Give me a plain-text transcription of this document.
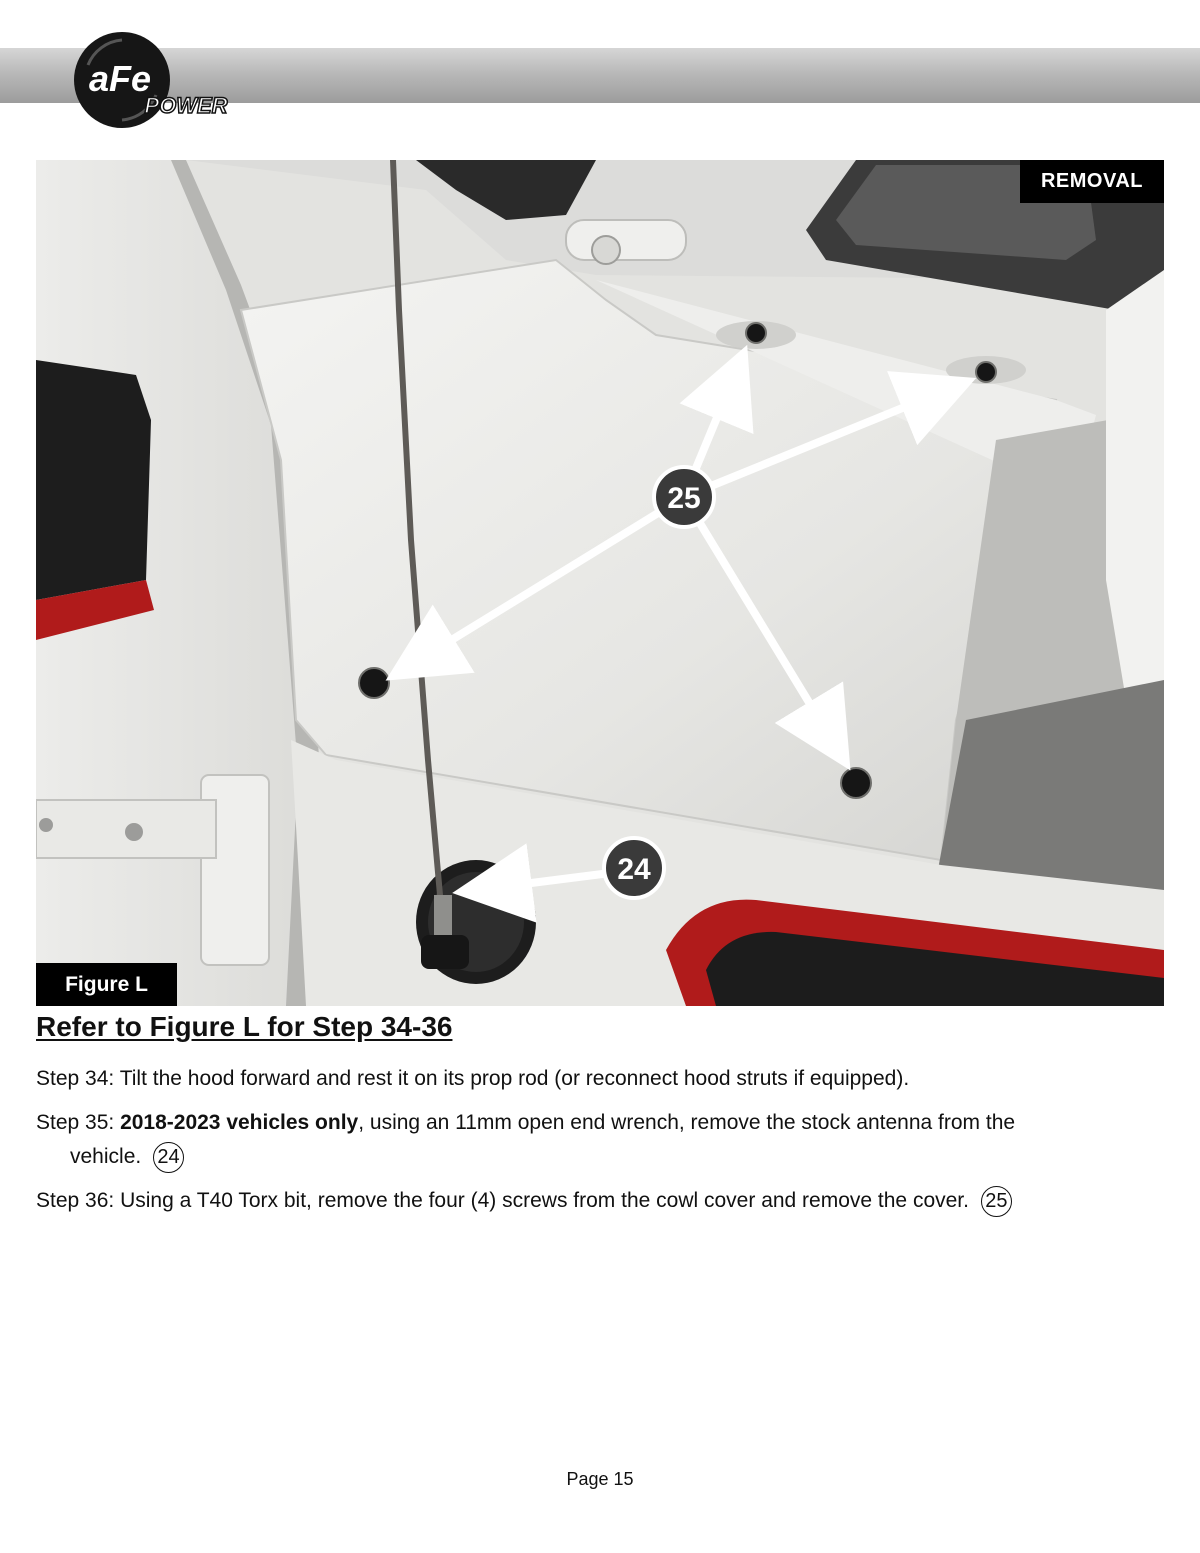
aFe
POWER
25
24
REMOVAL
Figure L
Refer to Figure L for Step 34-36

Step 34: Tilt the hood forward and rest it on its prop rod (or reconnect hood struts if equipped).

Step 35: 2018-2023 vehicles only, using an 11mm open end wrench, remove the stock antenna from the
vehicle. 24

Step 36: Using a T40 Torx bit, remove the four (4) screws from the cowl cover and remove the cover. 25

Page 15
